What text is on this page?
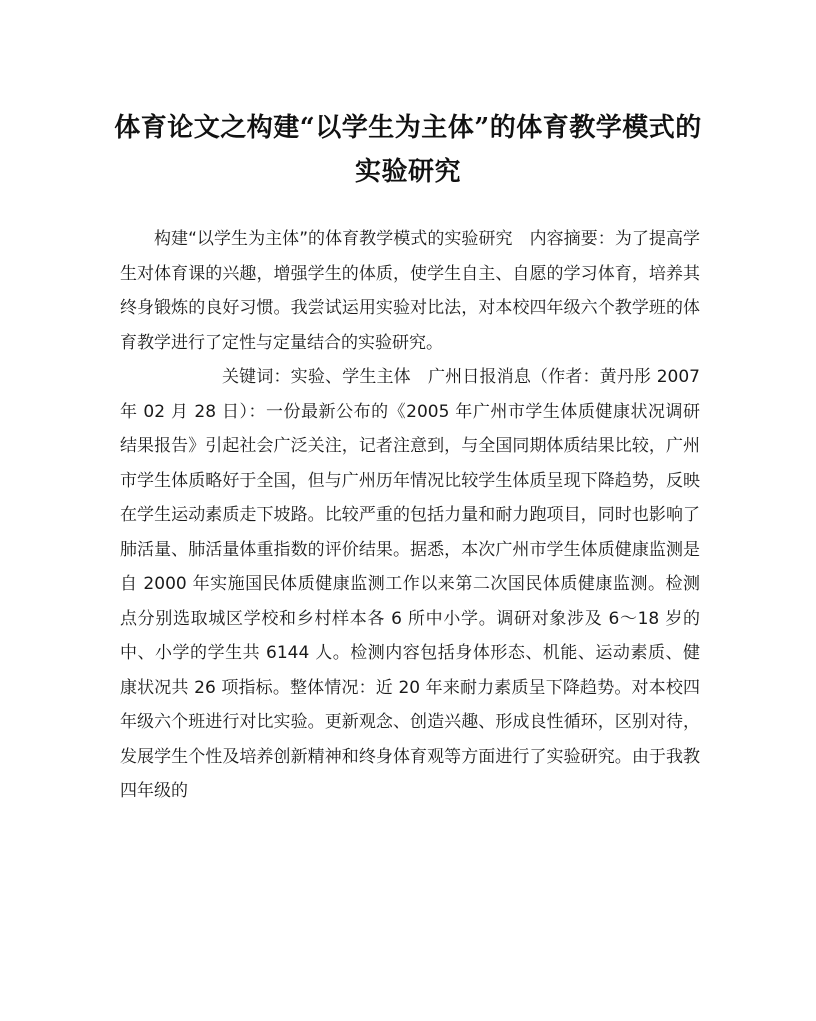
体育论文之构建“以学生为主体”的体育教学模式的实验研究

构建“以学生为主体”的体育教学模式的实验研究　内容摘要：为了提高学生对体育课的兴趣，增强学生的体质，使学生自主、自愿的学习体育，培养其终身锻炼的良好习惯。我尝试运用实验对比法，对本校四年级六个教学班的体育教学进行了定性与定量结合的实验研究。

关键词：实验、学生主体　广州日报消息（作者：黄丹彤 2007年 02 月 28 日）：一份最新公布的《2005 年广州市学生体质健康状况调研结果报告》引起社会广泛关注，记者注意到，与全国同期体质结果比较，广州市学生体质略好于全国，但与广州历年情况比较学生体质呈现下降趋势，反映在学生运动素质走下坡路。比较严重的包括力量和耐力跑项目，同时也影响了肺活量、肺活量体重指数的评价结果。据悉，本次广州市学生体质健康监测是自 2000 年实施国民体质健康监测工作以来第二次国民体质健康监测。检测点分别选取城区学校和乡村样本各 6 所中小学。调研对象涉及 6～18 岁的中、小学的学生共 6144 人。检测内容包括身体形态、机能、运动素质、健康状况共 26 项指标。整体情况：近 20 年来耐力素质呈下降趋势。对本校四年级六个班进行对比实验。更新观念、创造兴趣、形成良性循环，区别对待，发展学生个性及培养创新精神和终身体育观等方面进行了实验研究。由于我教四年级的
